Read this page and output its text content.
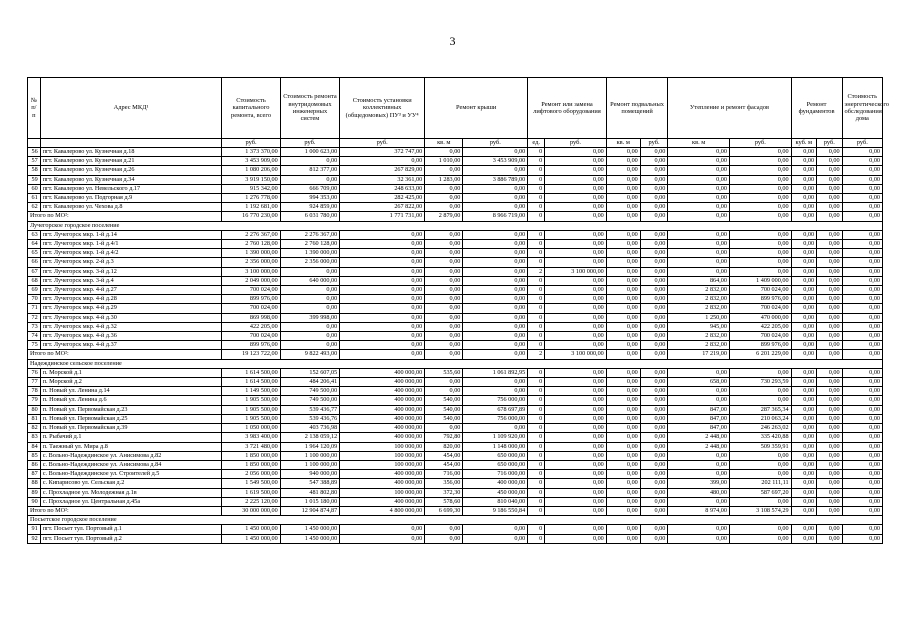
3
№ п/п	Адрес МКД¹	Стоимость капитального ремонта, всего	Стоимость ремонта внутридомовых инженерных систем	Стоимость установки коллективных (общедомовых) ПУ³ и УУ⁴	Ремонт крыши		Ремонт или замена лифтового оборудования		Ремонт подвальных помещений		Утепление и ремонт фасадов		Ремонт фундаментов		Стоимость энергетического обследования дома
		руб.	руб.	руб.	кв. м	руб.	ед.	руб.	кв. м	руб.	кв. м	руб.	куб. м	руб.	руб.
56	пгт. Кавалерово ул. Кузнечная д.18	1 373 370,00	1 000 623,00	372 747,00	0,00	0,00	0	0,00	0,00	0,00	0,00	0,00	0,00	0,00	0,00
57	пгт. Кавалерово ул. Кузнечная д.21	3 453 909,00	0,00	0,00	1 010,00	3 453 909,00	0	0,00	0,00	0,00	0,00	0,00	0,00	0,00	0,00
58	пгт. Кавалерово ул. Кузнечная д.26	1 080 206,00	812 377,00	267 829,00	0,00	0,00	0	0,00	0,00	0,00	0,00	0,00	0,00	0,00	0,00
59	пгт. Кавалерово ул. Кузнечная д.34	3 919 150,00	0,00	32 361,00	1 283,00	3 886 789,00	0	0,00	0,00	0,00	0,00	0,00	0,00	0,00	0,00
60	пгт. Кавалерово ул. Невельского д.17	915 342,00	666 709,00	248 633,00	0,00	0,00	0	0,00	0,00	0,00	0,00	0,00	0,00	0,00	0,00
61	пгт. Кавалерово ул. Подгорная д.9	1 276 778,00	994 353,00	282 425,00	0,00	0,00	0	0,00	0,00	0,00	0,00	0,00	0,00	0,00	0,00
62	пгт. Кавалерово ул. Чехова д.8	1 192 681,00	924 859,00	267 822,00	0,00	0,00	0	0,00	0,00	0,00	0,00	0,00	0,00	0,00	0,00
Итого по МО²:		16 770 230,00	6 031 780,00	1 771 731,00	2 879,00	8 966 719,00	0	0,00	0,00	0,00	0,00	0,00	0,00	0,00	0,00
Лучегорское городское поселение															
63	пгт. Лучегорск мкр. 1-й д.14	2 276 367,00	2 276 367,00	0,00	0,00	0,00	0	0,00	0,00	0,00	0,00	0,00	0,00	0,00	0,00
64	пгт. Лучегорск мкр. 1-й д.4/1	2 760 128,00	2 760 128,00	0,00	0,00	0,00	0	0,00	0,00	0,00	0,00	0,00	0,00	0,00	0,00
65	пгт. Лучегорск мкр. 1-й д.4/2	1 390 000,00	1 390 000,00	0,00	0,00	0,00	0	0,00	0,00	0,00	0,00	0,00	0,00	0,00	0,00
66	пгт. Лучегорск мкр. 2-й д.3	2 356 000,00	2 356 000,00	0,00	0,00	0,00	0	0,00	0,00	0,00	0,00	0,00	0,00	0,00	0,00
67	пгт. Лучегорск мкр. 3-й д.12	3 100 000,00	0,00	0,00	0,00	0,00	2	3 100 000,00	0,00	0,00	0,00	0,00	0,00	0,00	0,00
68	пгт. Лучегорск мкр. 3-й д.4	2 049 000,00	640 000,00	0,00	0,00	0,00	0	0,00	0,00	0,00	864,00	1 409 000,00	0,00	0,00	0,00
69	пгт. Лучегорск мкр. 4-й д.27	700 024,00	0,00	0,00	0,00	0,00	0	0,00	0,00	0,00	2 832,00	700 024,00	0,00	0,00	0,00
70	пгт. Лучегорск мкр. 4-й д.28	899 976,00	0,00	0,00	0,00	0,00	0	0,00	0,00	0,00	2 832,00	899 976,00	0,00	0,00	0,00
71	пгт. Лучегорск мкр. 4-й д.29	700 024,00	0,00	0,00	0,00	0,00	0	0,00	0,00	0,00	2 832,00	700 024,00	0,00	0,00	0,00
72	пгт. Лучегорск мкр. 4-й д.30	869 998,00	399 998,00	0,00	0,00	0,00	0	0,00	0,00	0,00	1 250,00	470 000,00	0,00	0,00	0,00
73	пгт. Лучегорск мкр. 4-й д.32	422 205,00	0,00	0,00	0,00	0,00	0	0,00	0,00	0,00	945,00	422 205,00	0,00	0,00	0,00
74	пгт. Лучегорск мкр. 4-й д.36	700 024,00	0,00	0,00	0,00	0,00	0	0,00	0,00	0,00	2 832,00	700 024,00	0,00	0,00	0,00
75	пгт. Лучегорск мкр. 4-й д.37	899 976,00	0,00	0,00	0,00	0,00	0	0,00	0,00	0,00	2 832,00	899 976,00	0,00	0,00	0,00
Итого по МО²:		19 123 722,00	9 822 493,00	0,00	0,00	0,00	2	3 100 000,00	0,00	0,00	17 219,00	6 201 229,00	0,00	0,00	0,00
Надеждинское сельское поселение															
76	п. Морской д.1	1 614 500,00	152 607,05	400 000,00	535,60	1 061 892,95	0	0,00	0,00	0,00	0,00	0,00	0,00	0,00	0,00
77	п. Морской д.2	1 614 500,00	484 206,41	400 000,00	0,00	0,00	0	0,00	0,00	0,00	658,00	730 293,59	0,00	0,00	0,00
78	п. Новый ул. Ленина д.14	1 149 500,00	749 500,00	400 000,00	0,00	0,00	0	0,00	0,00	0,00	0,00	0,00	0,00	0,00	0,00
79	п. Новый ул. Ленина д.6	1 905 500,00	749 500,00	400 000,00	540,00	756 000,00	0	0,00	0,00	0,00	0,00	0,00	0,00	0,00	0,00
80	п. Новый ул. Первомайская д.23	1 905 500,00	539 436,77	400 000,00	540,00	678 697,89	0	0,00	0,00	0,00	847,00	287 365,34	0,00	0,00	0,00
81	п. Новый ул. Первомайская д.25	1 905 500,00	539 436,76	400 000,00	540,00	756 000,00	0	0,00	0,00	0,00	847,00	210 063,24	0,00	0,00	0,00
82	п. Новый ул. Первомайская д.39	1 050 000,00	403 736,98	400 000,00	0,00	0,00	0	0,00	0,00	0,00	847,00	246 263,02	0,00	0,00	0,00
83	п. Рыбачий д.1	3 983 400,00	2 138 059,12	400 000,00	792,80	1 109 920,00	0	0,00	0,00	0,00	2 448,00	335 420,88	0,00	0,00	0,00
84	п. Таежный ул. Мира д.8	3 721 480,00	1 964 120,09	100 000,00	820,00	1 148 000,00	0	0,00	0,00	0,00	2 448,00	509 359,91	0,00	0,00	0,00
85	с. Вольно-Надеждинское ул. Анисимова д.82	1 850 000,00	1 100 000,00	100 000,00	454,00	650 000,00	0	0,00	0,00	0,00	0,00	0,00	0,00	0,00	0,00
86	с. Вольно-Надеждинское ул. Анисимова д.84	1 850 000,00	1 100 000,00	100 000,00	454,00	650 000,00	0	0,00	0,00	0,00	0,00	0,00	0,00	0,00	0,00
87	с. Вольно-Надеждинское ул. Строителей д.5	2 056 000,00	940 000,00	400 000,00	716,00	716 000,00	0	0,00	0,00	0,00	0,00	0,00	0,00	0,00	0,00
88	с. Кипарисово ул. Сельская д.2	1 549 500,00	547 388,89	400 000,00	356,00	400 000,00	0	0,00	0,00	0,00	399,00	202 111,11	0,00	0,00	0,00
89	с. Прохладное ул. Молодежная д.1в	1 619 500,00	481 802,80	100 000,00	372,30	450 000,00	0	0,00	0,00	0,00	480,00	587 697,20	0,00	0,00	0,00
90	с. Прохладное ул. Центральная д.45а	2 225 120,00	1 015 180,00	400 000,00	578,60	810 040,00	0	0,00	0,00	0,00	0,00	0,00	0,00	0,00	0,00
Итого по МО²:		30 000 000,00	12 904 874,87	4 800 000,00	6 699,30	9 186 550,84	0	0,00	0,00	0,00	8 974,00	3 108 574,29	0,00	0,00	0,00
Посьетское городское поселение															
91	пгт. Посьет тул. Портовый д.1	1 450 000,00	1 450 000,00	0,00	0,00	0,00	0	0,00	0,00	0,00	0,00	0,00	0,00	0,00	0,00
92	пгт. Посьет тул. Портовый д.2	1 450 000,00	1 450 000,00	0,00	0,00	0,00	0	0,00	0,00	0,00	0,00	0,00	0,00	0,00	0,00
